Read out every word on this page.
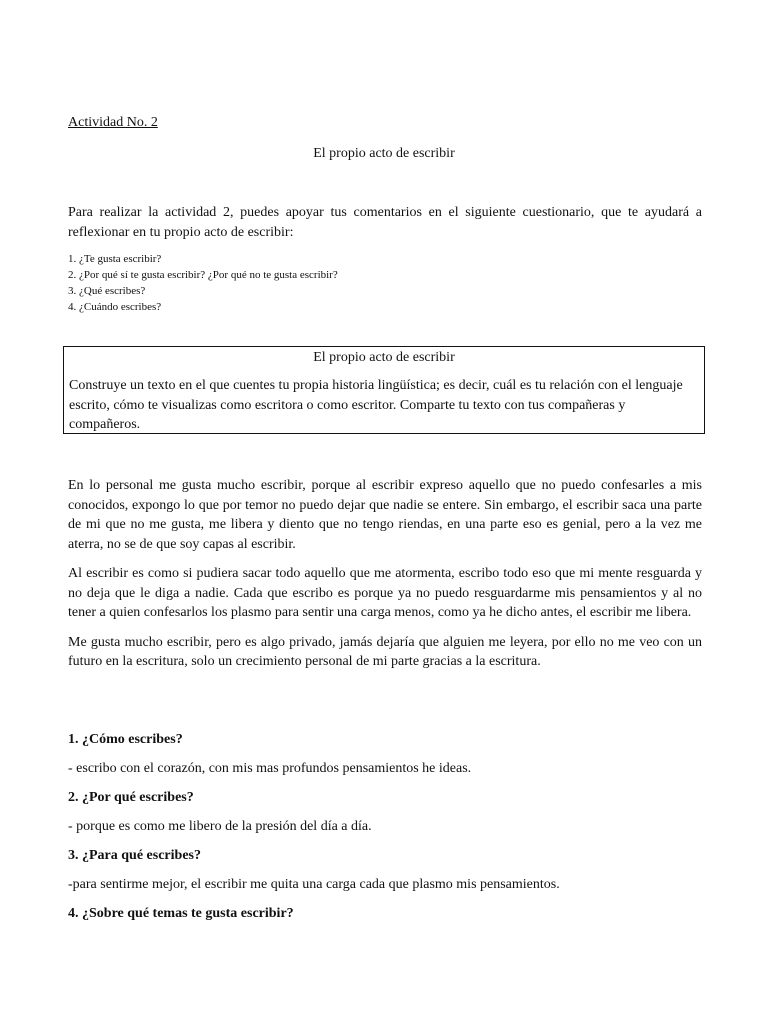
Actividad No. 2
El propio acto de escribir
Para realizar la actividad 2, puedes apoyar tus comentarios en el siguiente cuestionario, que te ayudará a reflexionar en tu propio acto de escribir:
1. ¿Te gusta escribir?
2. ¿Por qué sí te gusta escribir? ¿Por qué no te gusta escribir?
3. ¿Qué escribes?
4. ¿Cuándo escribes?
El propio acto de escribir
Construye un texto en el que cuentes tu propia historia lingüística; es decir, cuál es tu relación con el lenguaje escrito, cómo te visualizas como escritora o como escritor. Comparte tu texto con tus compañeras y compañeros.

En lo personal me gusta mucho escribir, porque al escribir expreso aquello que no puedo confesarles a mis conocidos, expongo lo que por temor no puedo dejar que nadie se entere. Sin embargo, el escribir saca una parte de mi que no me gusta, me libera y diento que no tengo riendas, en una parte eso es genial, pero a la vez me aterra, no se de que soy capas al escribir.

Al escribir es como si pudiera sacar todo aquello que me atormenta, escribo todo eso que mi mente resguarda y no deja que le diga a nadie. Cada que escribo es porque ya no puedo resguardarme mis pensamientos y al no tener a quien confesarlos los plasmo para sentir una carga menos, como ya he dicho antes, el escribir me libera.

Me gusta mucho escribir, pero es algo privado, jamás dejaría que alguien me leyera, por ello no me veo con un futuro en la escritura, solo un crecimiento personal de mi parte gracias a la escritura.

1. ¿Cómo escribes?

- escribo con el corazón, con mis mas profundos pensamientos he ideas.

2. ¿Por qué escribes?

- porque es como me libero de la presión del día a día.

3. ¿Para qué escribes?

-para sentirme mejor, el escribir me quita una carga cada que plasmo mis pensamientos.

4. ¿Sobre qué temas te gusta escribir?
